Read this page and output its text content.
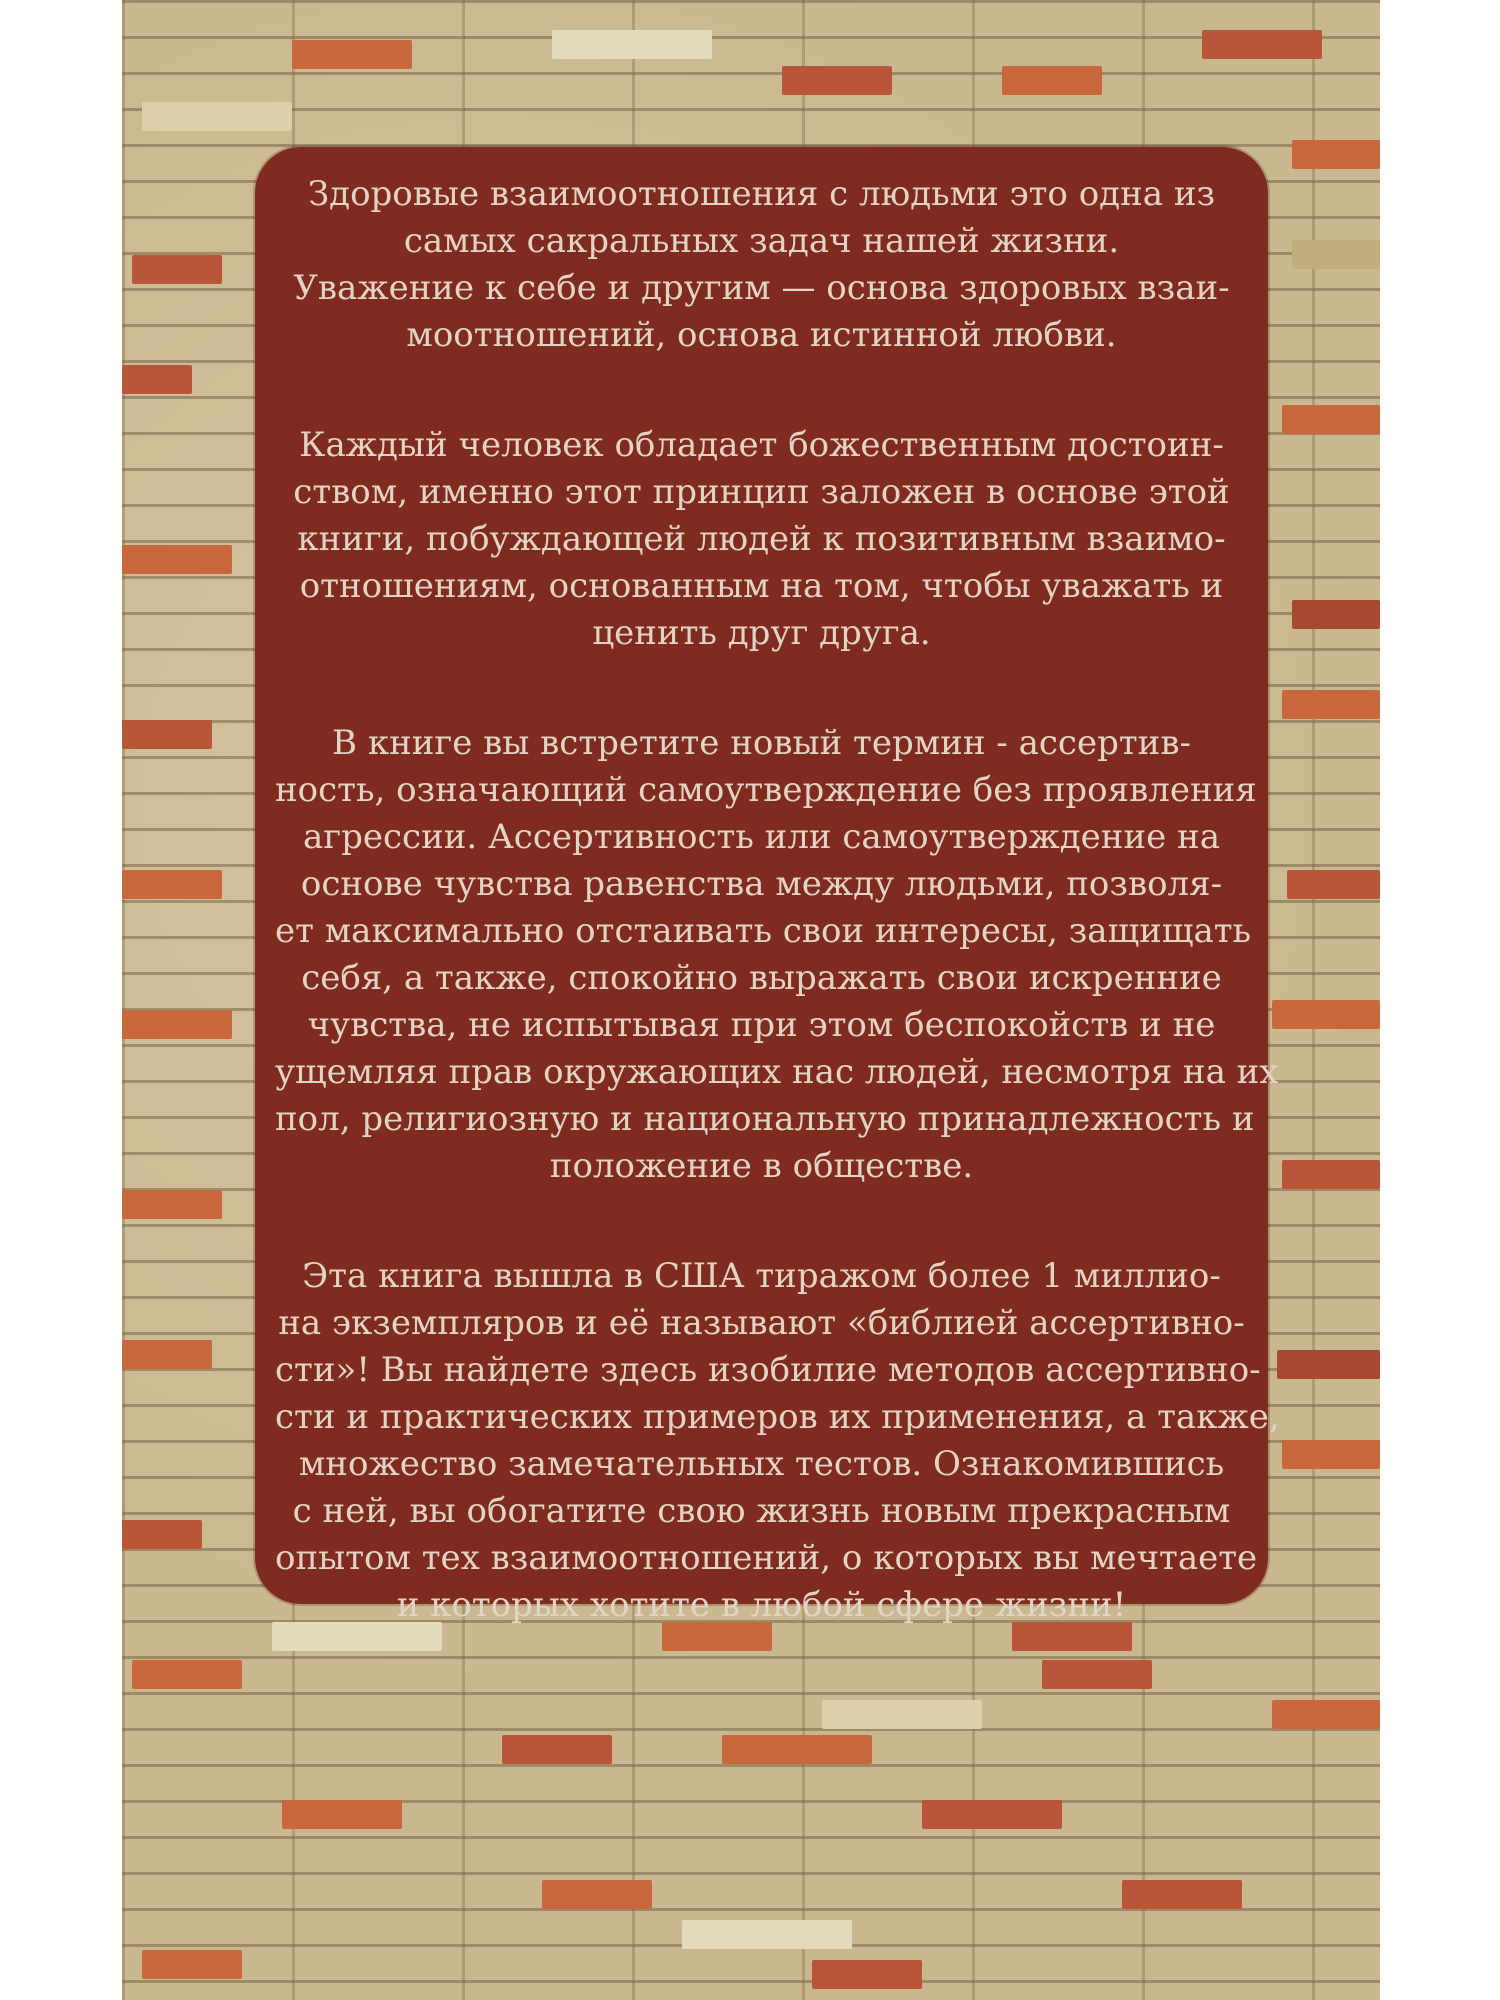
Здоровые взаимоотношения с людьми это одна из
самых сакральных задач нашей жизни.
Уважение к себе и другим — основа здоровых взаи-
моотношений, основа истинной любви.
Каждый человек обладает божественным достоин-
ством, именно этот принцип заложен в основе этой
книги, побуждающей людей к позитивным взаимо-
отношениям, основанным на том, чтобы уважать и
ценить друг друга.
В книге вы встретите новый термин - ассертив-
ность, означающий самоутверждение без проявления
агрессии. Ассертивность или самоутверждение на
основе чувства равенства между людьми, позволя-
ет максимально отстаивать свои интересы, защищать
себя, а также, спокойно выражать свои искренние
чувства, не испытывая при этом беспокойств и не
ущемляя прав окружающих нас людей, несмотря на их
пол, религиозную и национальную принадлежность и
положение в обществе.
Эта книга вышла в США тиражом более 1 миллио-
на экземпляров и её называют «библией ассертивно-
сти»! Вы найдете здесь изобилие методов ассертивно-
сти и практических примеров их применения, а также,
множество замечательных тестов. Ознакомившись
с ней, вы обогатите свою жизнь новым прекрасным
опытом тех взаимоотношений, о которых вы мечтаете
и которых хотите в любой сфере жизни!
